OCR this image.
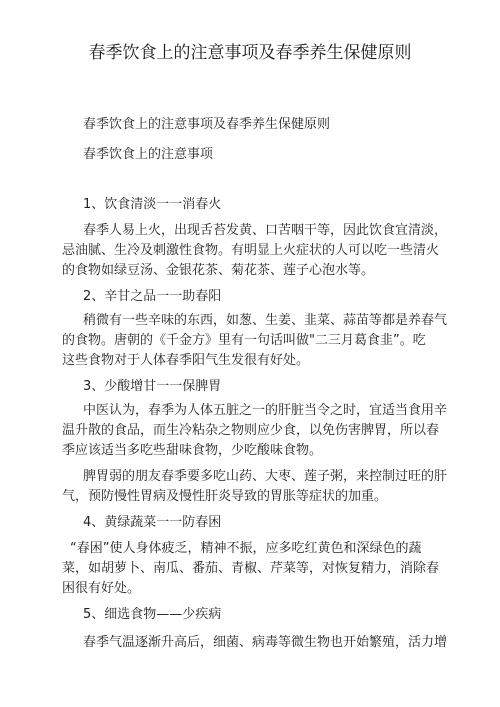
春季饮食上的注意事项及春季养生保健原则
春季饮食上的注意事项及春季养生保健原则
春季饮食上的注意事项
1、饮食清淡一一消春火
春季人易上火，出现舌苔发黄、口苦咽干等，因此饮食宜清淡，
忌油腻、生冷及刺激性食物。有明显上火症状的人可以吃一些清火
的食物如绿豆汤、金银花茶、菊花茶、莲子心泡水等。
2、辛甘之品一一助春阳
稍微有一些辛味的东西，如葱、生姜、韭菜、蒜苗等都是养春气
的食物。唐朝的《千金方》里有一句话叫做"二三月葛食韭”。吃
这些食物对于人体春季阳气生发很有好处。
3、少酸增甘一一保脾胃
中医认为，春季为人体五脏之一的肝脏当令之时，宜适当食用辛
温升散的食品，而生冷粘杂之物则应少食，以免伤害脾胃，所以春
季应该适当多吃些甜味食物，少吃酸味食物。
脾胃弱的朋友春季要多吃山药、大枣、莲子粥，来控制过旺的肝
气，预防慢性胃病及慢性肝炎导致的胃胀等症状的加重。
4、黄绿蔬菜一一防春困
“春困”使人身体疲乏，精神不振，应多吃红黄色和深绿色的蔬
菜，如胡萝卜、南瓜、番茄、青椒、芹菜等，对恢复精力，消除春
困很有好处。
5、细选食物——少疾病
春季气温逐渐升高后，细菌、病毒等微生物也开始繁殖，活力增
